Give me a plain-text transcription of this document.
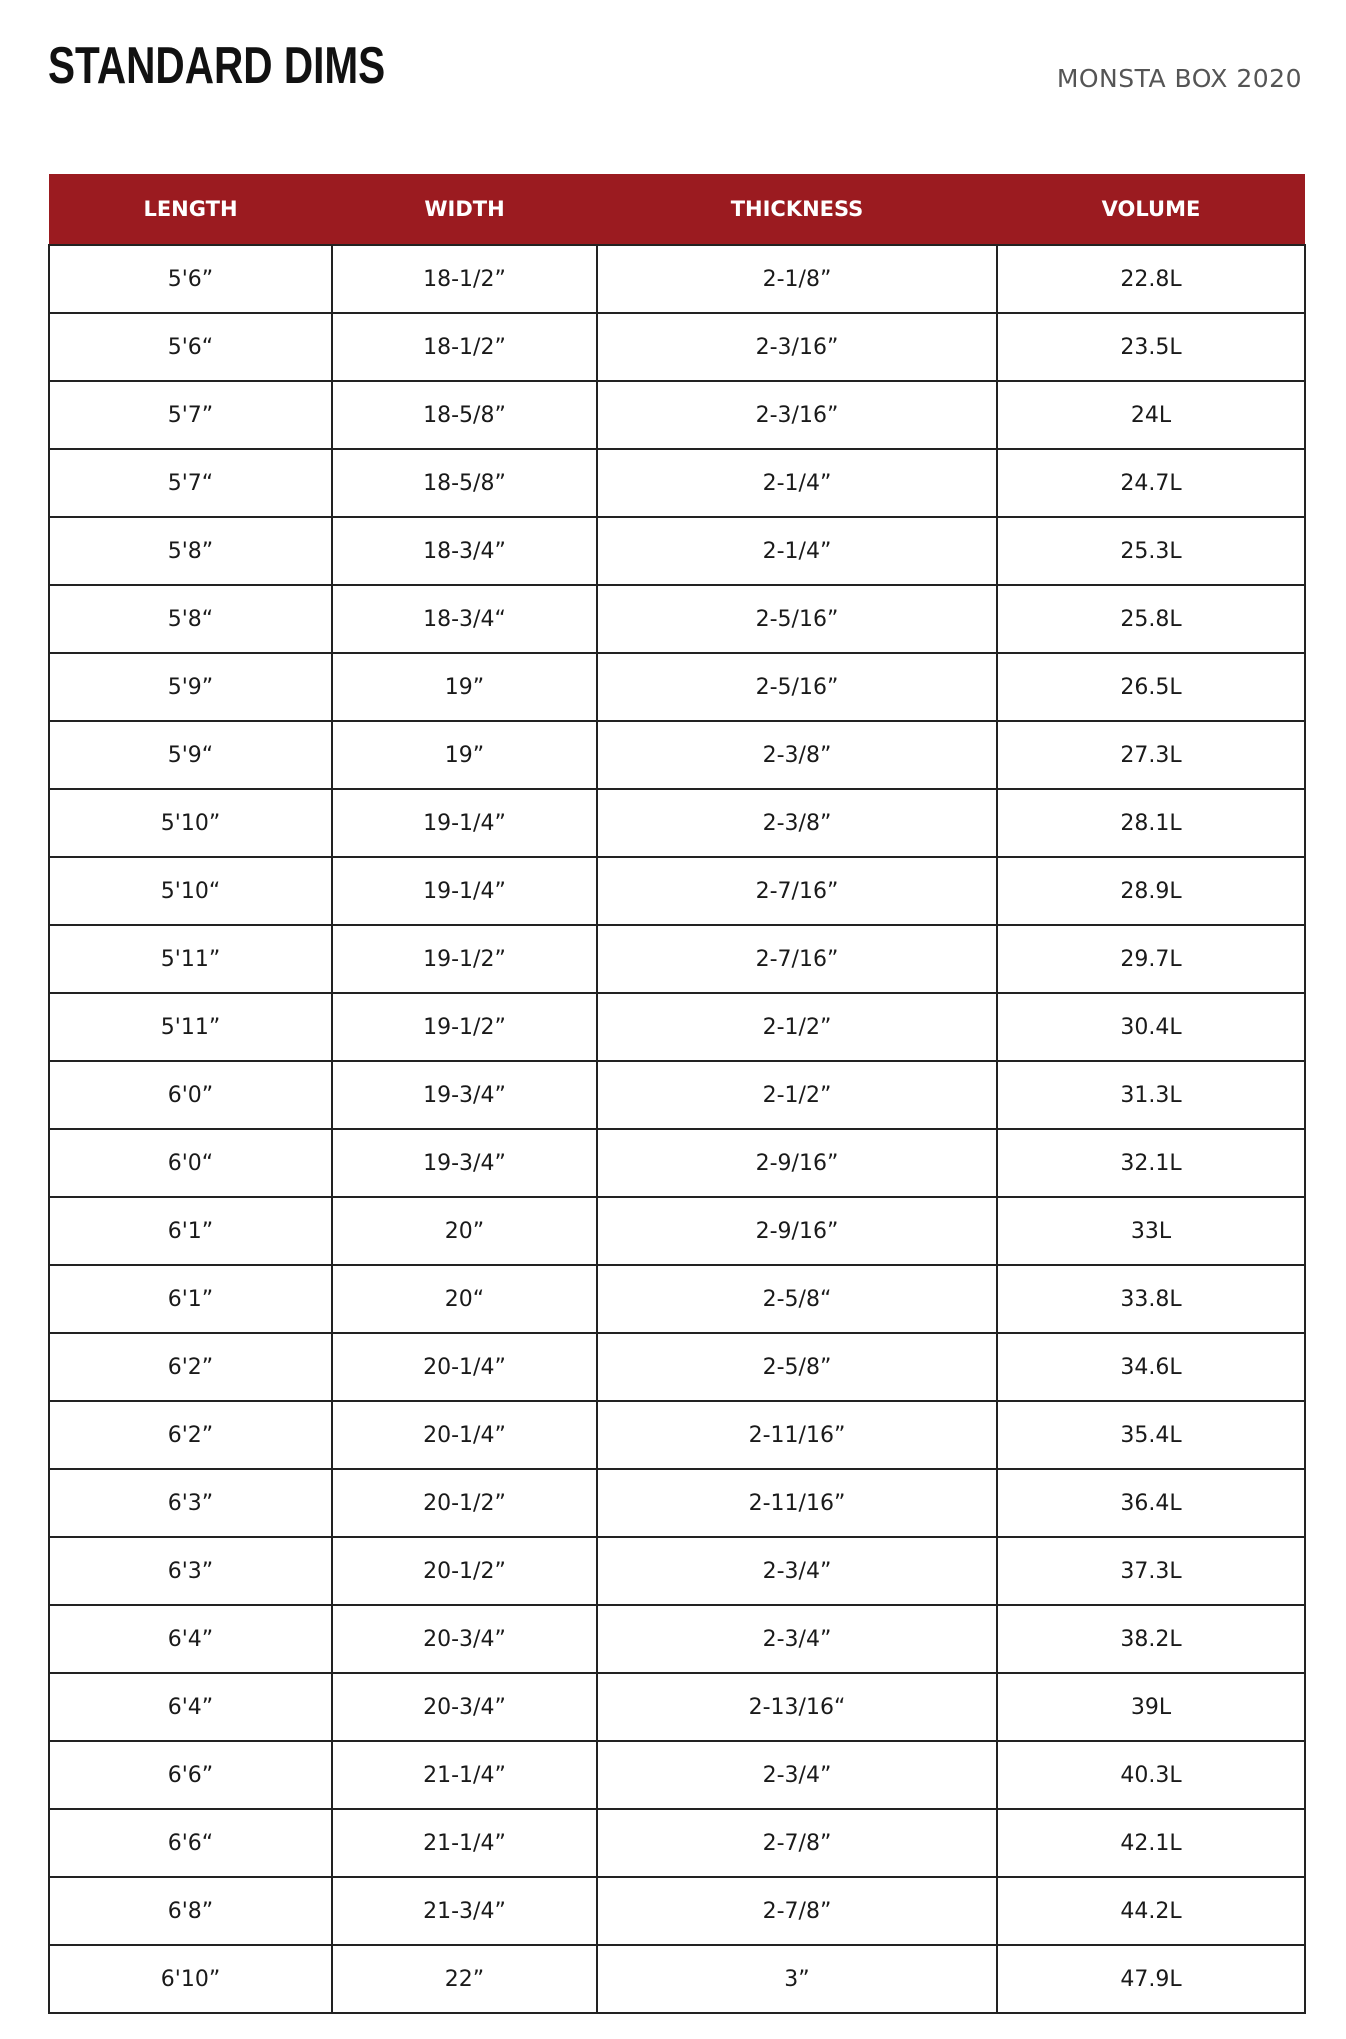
STANDARD DIMS	MONSTA BOX 2020
LENGTH	WIDTH	THICKNESS	VOLUME
5'6”	18-1/2”	2-1/8”	22.8L
5'6“	18-1/2”	2-3/16”	23.5L
5'7”	18-5/8”	2-3/16”	24L
5'7“	18-5/8”	2-1/4”	24.7L
5'8”	18-3/4”	2-1/4”	25.3L
5'8“	18-3/4“	2-5/16”	25.8L
5'9”	19”	2-5/16”	26.5L
5'9“	19”	2-3/8”	27.3L
5'10”	19-1/4”	2-3/8”	28.1L
5'10“	19-1/4”	2-7/16”	28.9L
5'11”	19-1/2”	2-7/16”	29.7L
5'11”	19-1/2”	2-1/2”	30.4L
6'0”	19-3/4”	2-1/2”	31.3L
6'0“	19-3/4”	2-9/16”	32.1L
6'1”	20”	2-9/16”	33L
6'1”	20“	2-5/8“	33.8L
6'2”	20-1/4”	2-5/8”	34.6L
6'2”	20-1/4”	2-11/16”	35.4L
6'3”	20-1/2”	2-11/16”	36.4L
6'3”	20-1/2”	2-3/4”	37.3L
6'4”	20-3/4”	2-3/4”	38.2L
6'4”	20-3/4”	2-13/16“	39L
6'6”	21-1/4”	2-3/4”	40.3L
6'6“	21-1/4”	2-7/8”	42.1L
6'8”	21-3/4”	2-7/8”	44.2L
6'10”	22”	3”	47.9L
